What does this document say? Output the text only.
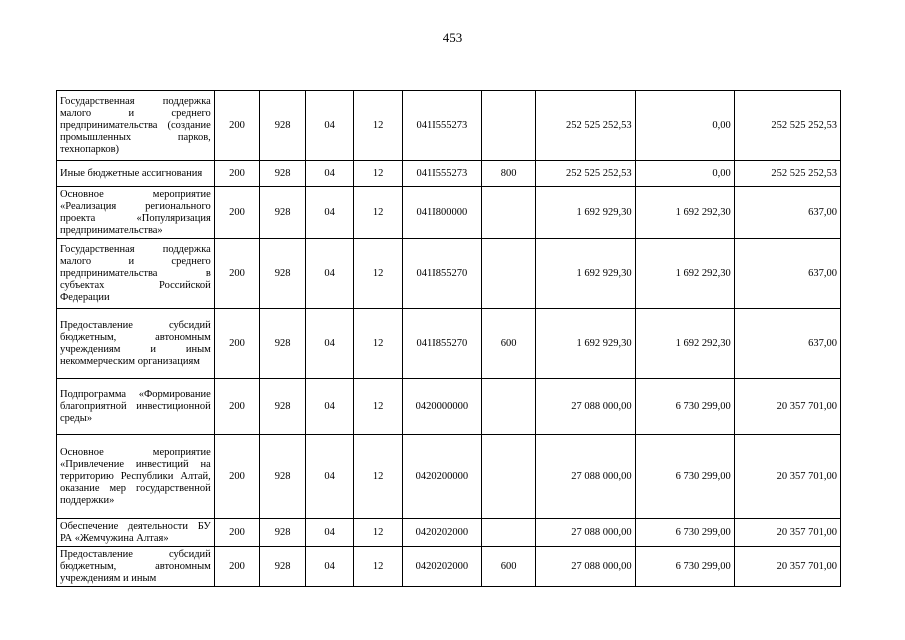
453
Государственная поддержка малого и среднего предпринимательства (создание промышленных парков, технопарков)	200	928	04	12	041I555273		252 525 252,53	0,00	252 525 252,53
Иные бюджетные ассигнования	200	928	04	12	041I555273	800	252 525 252,53	0,00	252 525 252,53
Основное мероприятие «Реализация регионального проекта «Популяризация предпринимательства»	200	928	04	12	041I800000		1 692 929,30	1 692 292,30	637,00
Государственная поддержка малого и среднего предпринимательства в субъектах Российской Федерации	200	928	04	12	041I855270		1 692 929,30	1 692 292,30	637,00
Предоставление субсидий бюджетным, автономным учреждениям и иным некоммерческим организациям	200	928	04	12	041I855270	600	1 692 929,30	1 692 292,30	637,00
Подпрограмма «Формирование благоприятной инвестиционной среды»	200	928	04	12	0420000000		27 088 000,00	6 730 299,00	20 357 701,00
Основное мероприятие «Привлечение инвестиций на территорию Республики Алтай, оказание мер государственной поддержки»	200	928	04	12	0420200000		27 088 000,00	6 730 299,00	20 357 701,00
Обеспечение деятельности БУ РА «Жемчужина Алтая»	200	928	04	12	0420202000		27 088 000,00	6 730 299,00	20 357 701,00

Предоставление субсидий бюджетным, автономным учреждениям и иным	200	928	04	12	0420202000	600	27 088 000,00	6 730 299,00	20 357 701,00
